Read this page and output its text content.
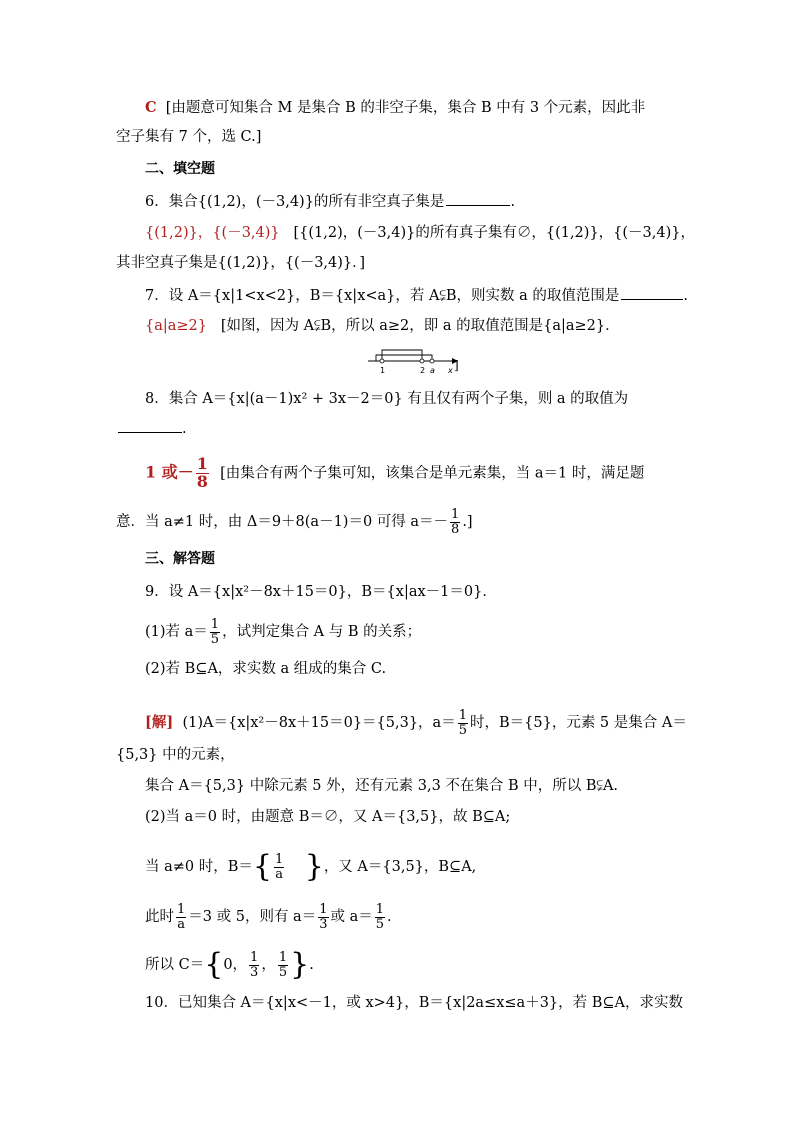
C [由题意可知集合 M 是集合 B 的非空子集，集合 B 中有 3 个元素，因此非
空子集有 7 个，选 C.]
二、填空题
6．集合{(1,2)，(－3,4)}的所有非空真子集是	.
{(1,2)}，{(－3,4)} [{(1,2)，(－3,4)}的所有真子集有∅，{(1,2)}，{(－3,4)}，
其非空真子集是{(1,2)}，{(－3,4)}．]
7．设 A＝{x|1<x<2}，B＝{x|x<a}，若 A⫋B，则实数 a 的取值范围是	.
{a|a≥2} [如图，因为 A⫋B，所以 a≥2，即 a 的取值范围是{a|a≥2}．
1	2 a x ]
8．集合 A＝{x|(a－1)x² + 3x－2＝0} 有且仅有两个子集，则 a 的取值为
.
1 或－ $\frac{1}{8}$ [由集合有两个子集可知，该集合是单元素集，当 a＝1 时，满足题
意．当 a≠1 时，由 Δ＝9＋8(a－1)＝0 可得 $a=- \frac{1}{8}$ .]
三、解答题
9．设 A＝{x|x²－8x＋15＝0}，B＝{x|ax－1＝0}．
(1)若 $a= \frac{1}{5}$ ，试判定集合 A 与 B 的关系；
(2)若 B⊆A，求实数 a 组成的集合 C.
[解] (1)A＝{x|x²－8x＋15＝0}＝{5,3}，$a= \frac{1}{5}$ 时，B＝{5}，元素 5 是集合 A＝
{5,3} 中的元素，
集合 A＝{5,3} 中除元素 5 外，还有元素 3,3 不在集合 B 中，所以 B⫋A.
(2)当 a＝0 时，由题意 B＝∅，又 A＝{3,5}，故 B⊆A;
当 a≠0 时，$B=\{ \frac{1}{a}$ }，又 A＝{3,5}，B⊆A,
此时 $\frac{1}{a} =3$ 或 5，则有 $a= \frac{1}{3}$ 或 $a= \frac{1}{5}$ .
所以 C＝{0， $\frac{1}{3}$ ， $\frac{1}{5}$ }.
10．已知集合 A＝{x|x<－1，或 x>4}，B＝{x|2a≤x≤a＋3}，若 B⊆A，求实数
